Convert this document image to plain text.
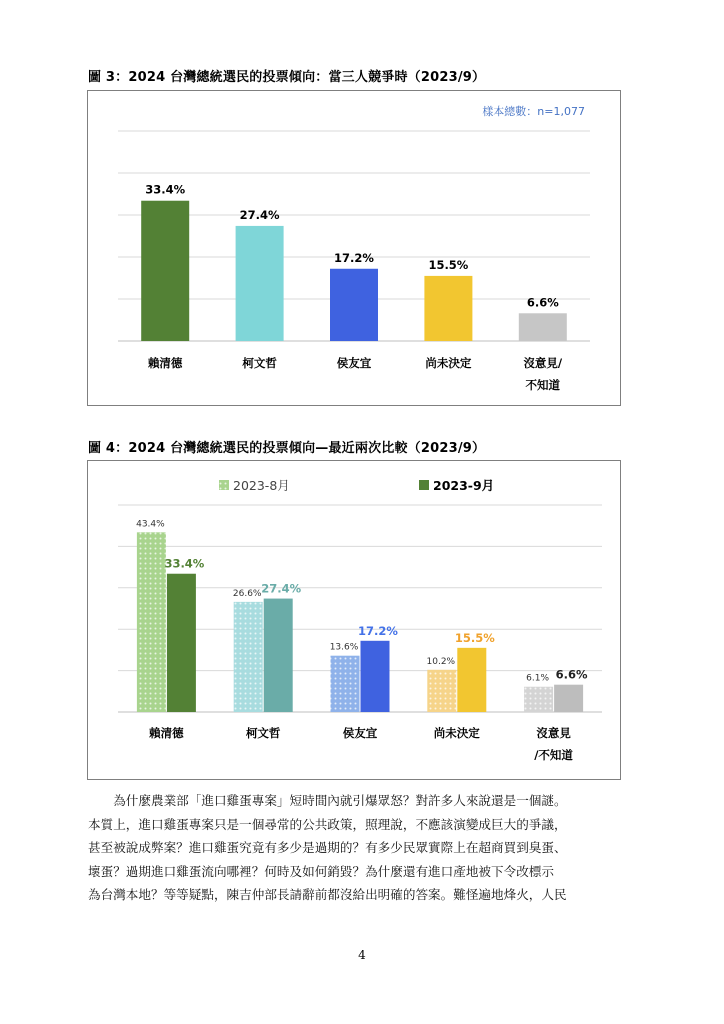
圖 3：2024 台灣總統選民的投票傾向：當三人競爭時（2023/9）
樣本總數：n=1,077
33.4%
賴清德
27.4%
柯文哲
17.2%
侯友宜
15.5%
尚未決定
6.6%
沒意見/
不知道
圖 4：2024 台灣總統選民的投票傾向—最近兩次比較（2023/9）
2023-8月	2023-9月
43.4%
33.4%
賴清德
26.6% 27.4%
柯文哲
13.6%
17.2%
侯友宜
10.2%
15.5%
尚未決定
6.1% 6.6%
沒意見
/不知道

　　為什麼農業部「進口雞蛋專案」短時間內就引爆眾怒？對許多人來說還是一個謎。

本質上，進口雞蛋專案只是一個尋常的公共政策，照理說，不應該演變成巨大的爭議，

甚至被說成弊案？進口雞蛋究竟有多少是過期的？有多少民眾實際上在超商買到臭蛋、

壞蛋？過期進口雞蛋流向哪裡？何時及如何銷毀？為什麼還有進口產地被下令改標示

為台灣本地？等等疑點，陳吉仲部長請辭前都沒給出明確的答案。難怪遍地烽火，人民

4
